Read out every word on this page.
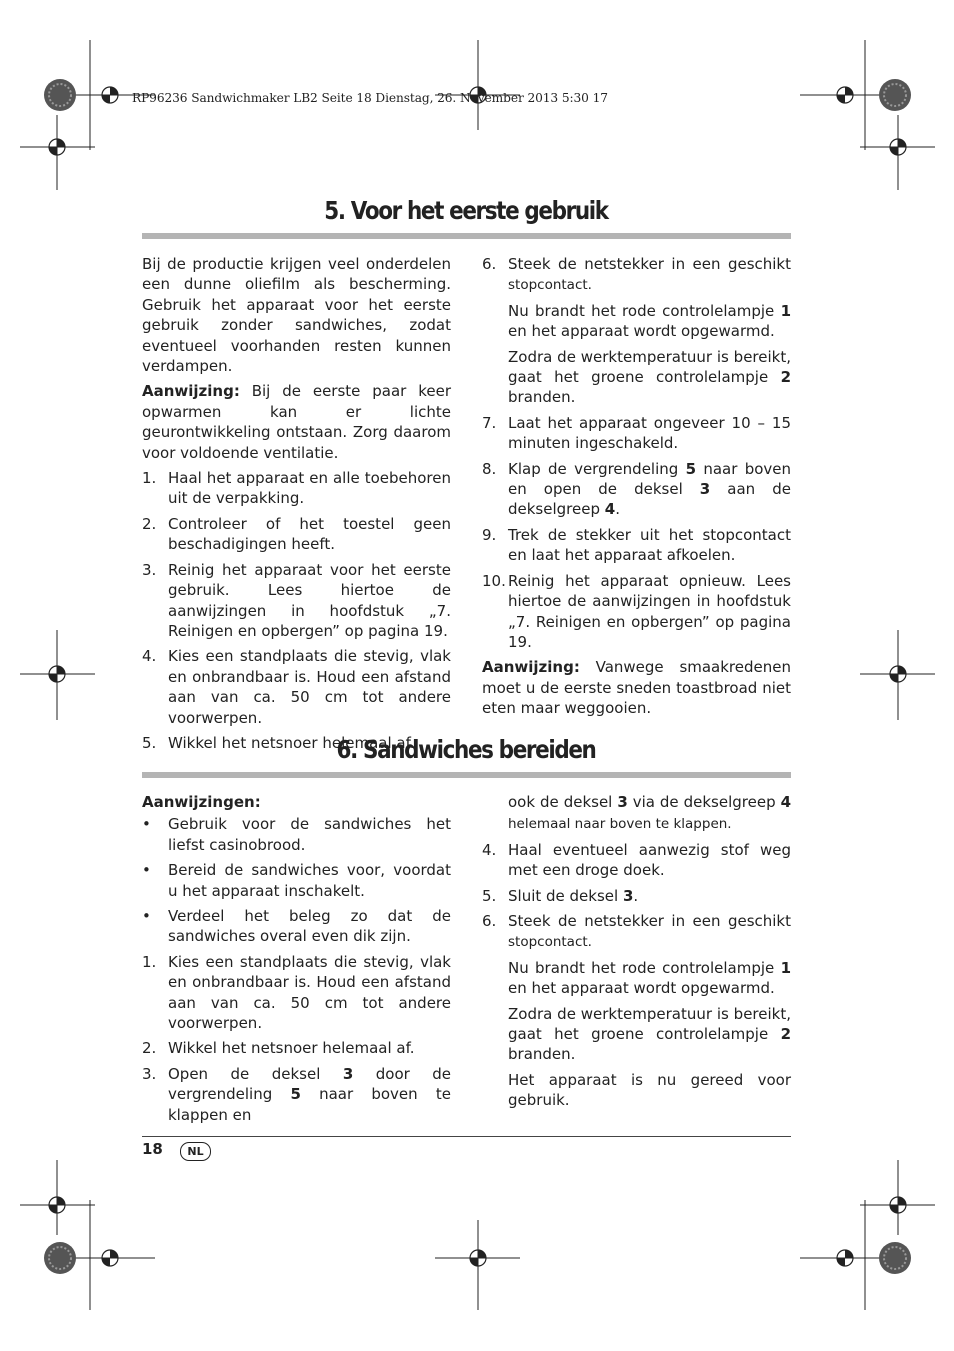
RP96236 Sandwichmaker LB2 Seite 18 Dienstag, 26. November 2013 5:30 17
5. Voor het eerste gebruik

Bij de productie krijgen veel onderdelen een dunne oliefilm als bescherming. Gebruik het apparaat voor het eerste gebruik zonder sandwiches, zodat eventueel voorhanden resten kunnen verdampen.

Aanwijzing: Bij de eerste paar keer opwarmen kan er lichte geurontwikkeling ontstaan. Zorg daarom voor voldoende ventilatie.

1. Haal het apparaat en alle toebehoren uit de verpakking.
2. Controleer of het toestel geen beschadigingen heeft.
3. Reinig het apparaat voor het eerste gebruik. Lees hiertoe de aanwijzingen in hoofdstuk „7. Reinigen en opbergen” op pagina 19.
4. Kies een standplaats die stevig, vlak en onbrandbaar is. Houd een afstand aan van ca. 50 cm tot andere voorwerpen.
5. Wikkel het netsnoer helemaal af.
6. Steek de netstekker in een geschikt stopcontact.
Nu brandt het rode controlelampje 1 en het apparaat wordt opgewarmd.
Zodra de werktemperatuur is bereikt, gaat het groene controlelampje 2 branden.
7. Laat het apparaat ongeveer 10 – 15 minuten ingeschakeld.
8. Klap de vergrendeling 5 naar boven en open de deksel 3 aan de dekselgreep 4.
9. Trek de stekker uit het stopcontact en laat het apparaat afkoelen.
10. Reinig het apparaat opnieuw. Lees hiertoe de aanwijzingen in hoofdstuk „7. Reinigen en opbergen” op pagina 19.

Aanwijzing: Vanwege smaakredenen moet u de eerste sneden toastbroad niet eten maar weggooien.

6. Sandwiches bereiden

Aanwijzingen:

• Gebruik voor de sandwiches het liefst casinobrood.
• Bereid de sandwiches voor, voordat u het apparaat inschakelt.
• Verdeel het beleg zo dat de sandwiches overal even dik zijn.
1. Kies een standplaats die stevig, vlak en onbrandbaar is. Houd een afstand aan van ca. 50 cm tot andere voorwerpen.
2. Wikkel het netsnoer helemaal af.
3. Open de deksel 3 door de vergrendeling 5 naar boven te klappen en
ook de deksel 3 via de dekselgreep 4 helemaal naar boven te klappen.
4. Haal eventueel aanwezig stof weg met een droge doek.
5. Sluit de deksel 3.
6. Steek de netstekker in een geschikt stopcontact.
Nu brandt het rode controlelampje 1 en het apparaat wordt opgewarmd.
Zodra de werktemperatuur is bereikt, gaat het groene controlelampje 2 branden.
Het apparaat is nu gereed voor gebruik.
18	NL
